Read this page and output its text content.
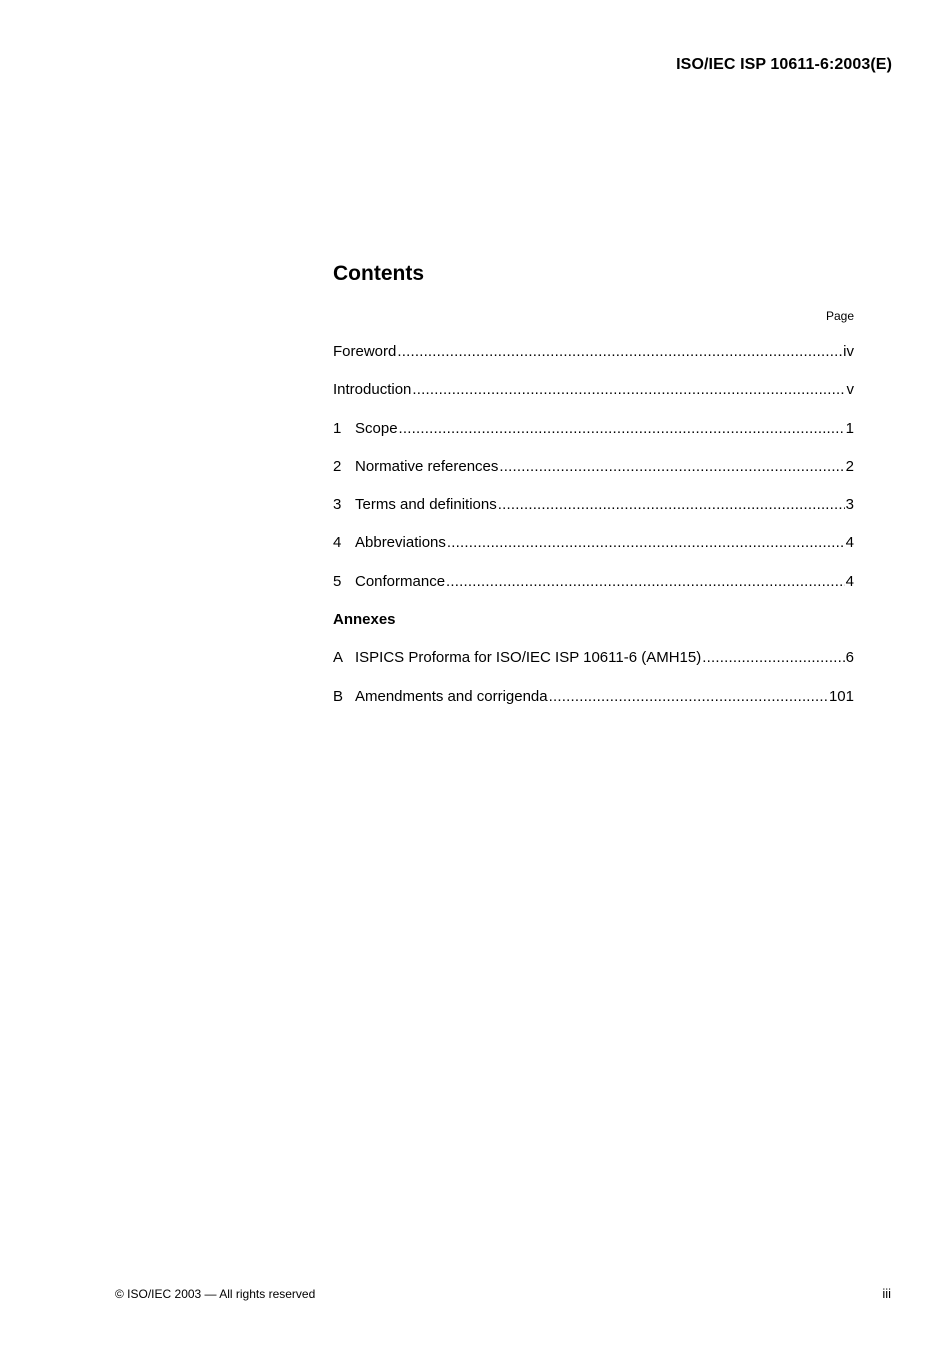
ISO/IEC ISP 10611-6:2003(E)
Contents
Page
Foreword .....	iv
Introduction .....	v
1 Scope .....	1
2 Normative references .....	2
3 Terms and definitions .....	3
4 Abbreviations .....	4
5 Conformance .....	4
Annexes
A ISPICS Proforma for ISO/IEC ISP 10611-6 (AMH15) .....	6
B Amendments and corrigenda .....	101
© ISO/IEC 2003 — All rights reserved	iii
